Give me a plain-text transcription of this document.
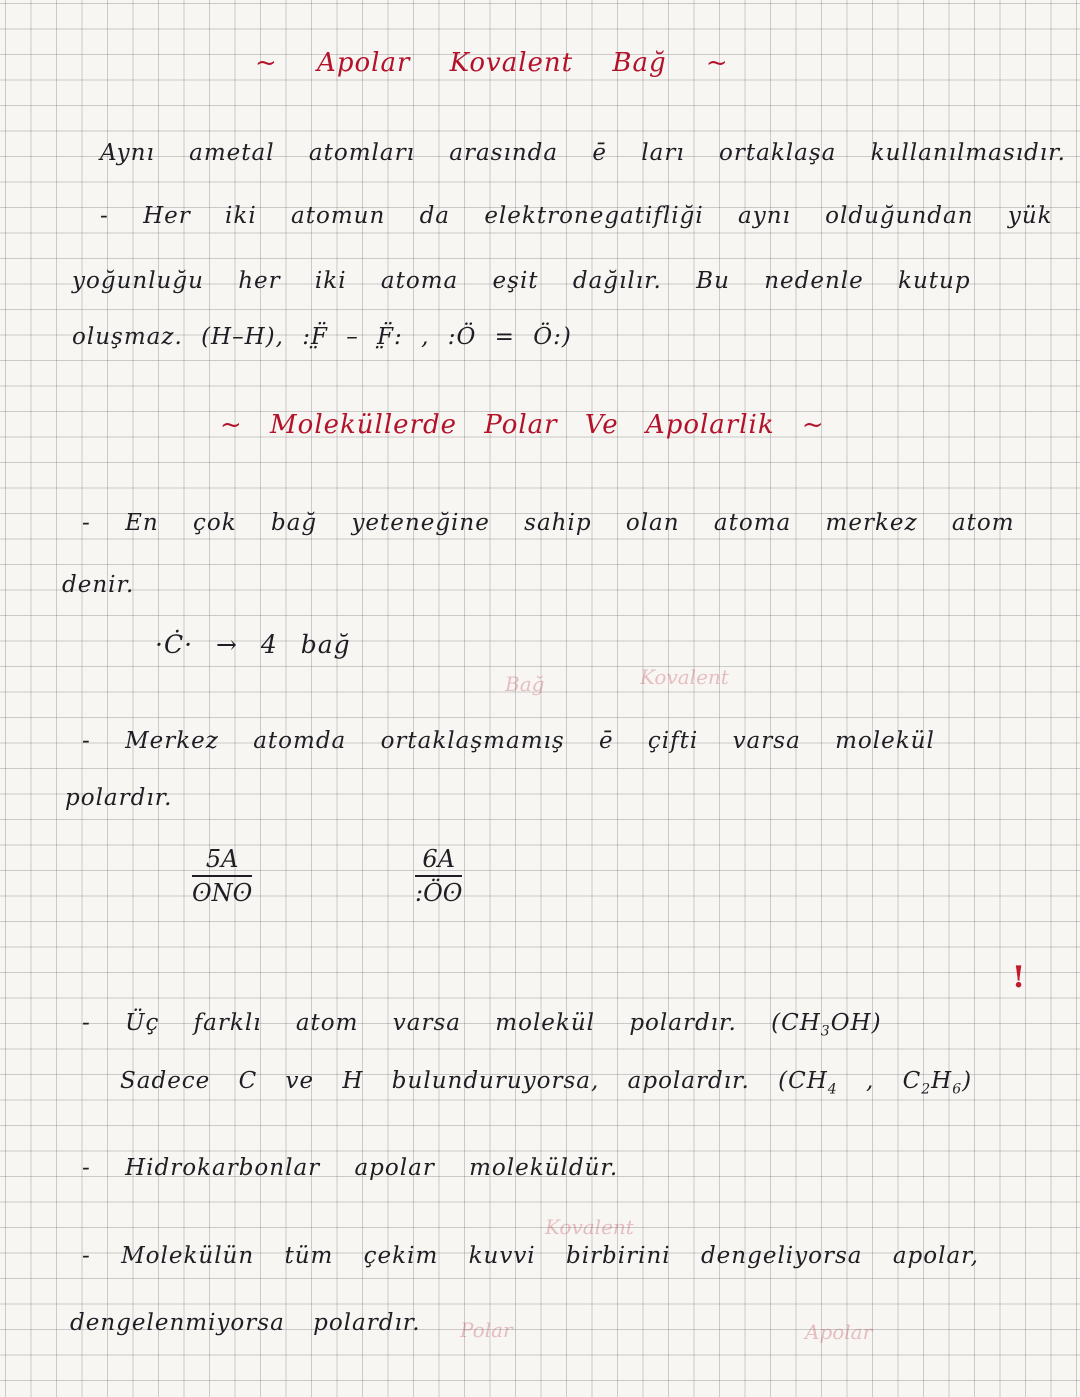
~ Apolar Kovalent Bağ ~
Aynı ametal atomları arasında ē ları ortaklaşa kullanılmasıdır.
- Her iki atomun da elektronegatifliği aynı olduğundan yük
yoğunluğu her iki atoma eşit dağılır. Bu nedenle kutup
oluşmaz. (H–H), :F̤̈ – F̤̈: , :Ö = Ö:)
~ Moleküllerde Polar Ve Apolarlik ~
- En çok bağ yeteneğine sahip olan atoma merkez atom
denir.
·Ċ· → 4 bağ
Bağ	Kovalent
- Merkez atomda ortaklaşmamış ē çifti varsa molekül
polardır.
5A
ʘNʘ	$\frac{6A}{\text{:Öʘ}}$
!
- Üç farklı atom varsa molekül polardır. $(CH_3OH)$
Sadece C ve H bulunduruyorsa, apolardır. ($CH_4$ , $C_2H_6$)
- Hidrokarbonlar apolar moleküldür.
- Molekülün tüm çekim kuvvi birbirini dengeliyorsa apolar,
dengelenmiyorsa polardır.
Kovalent
Polar	Apolar
